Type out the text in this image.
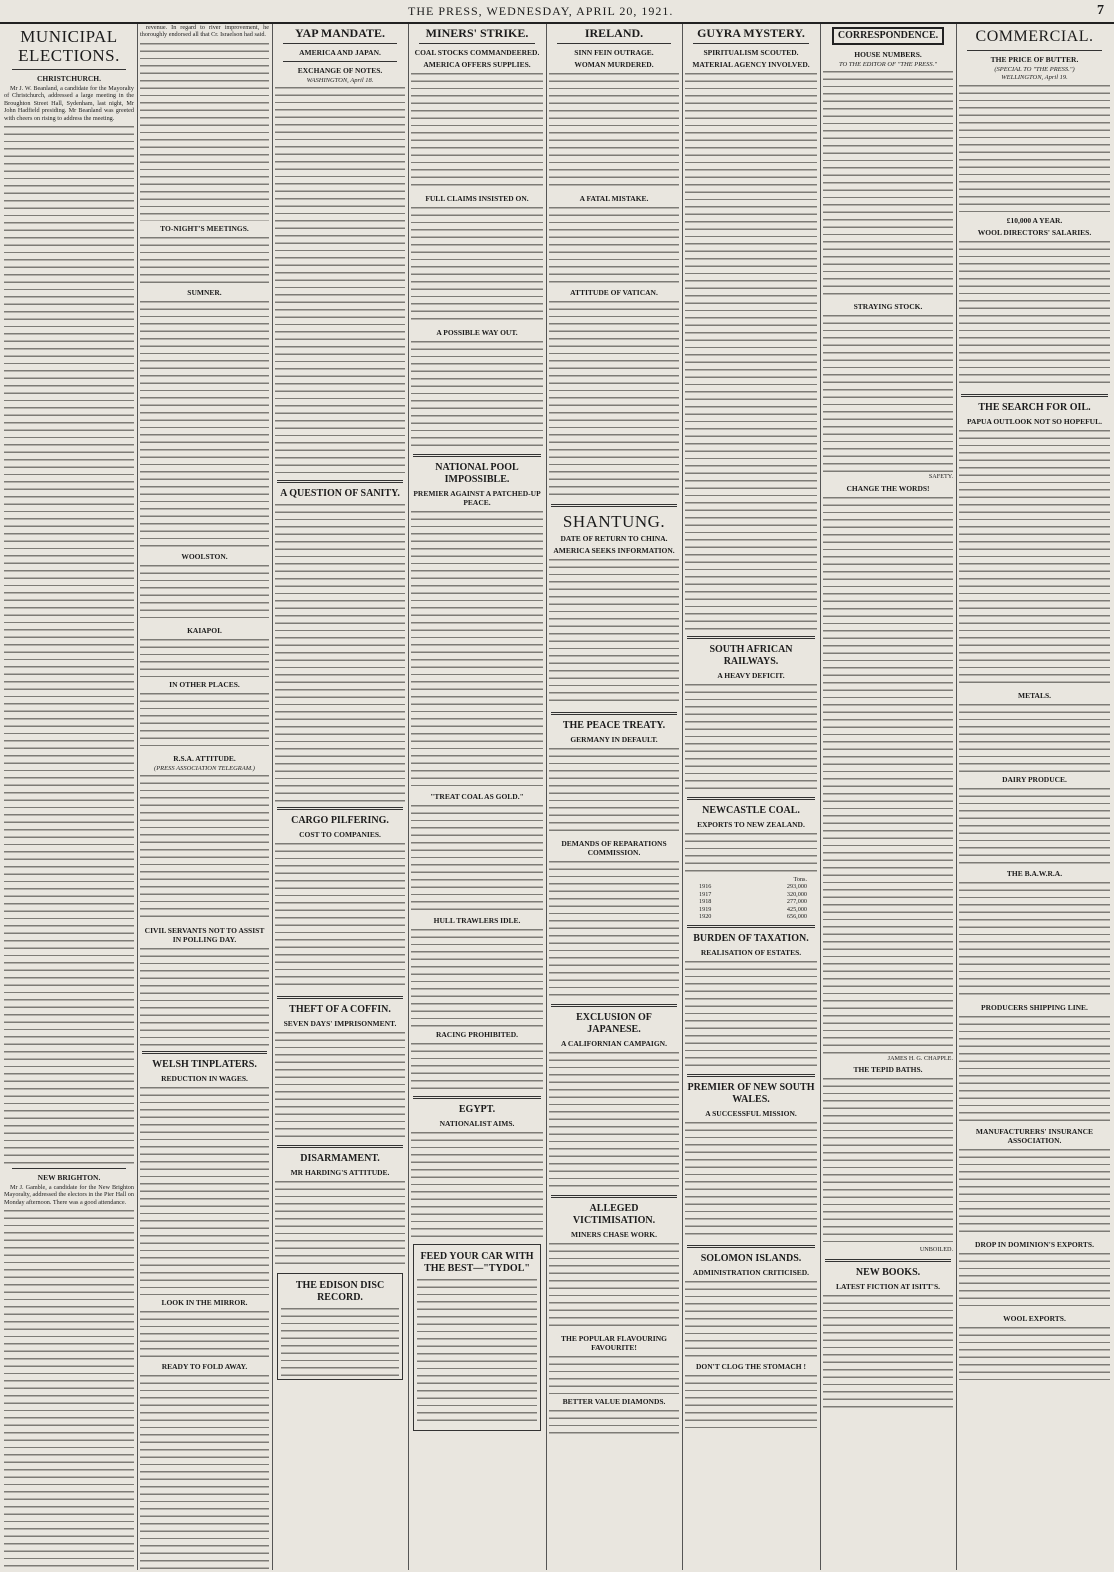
THE PRESS, WEDNESDAY, APRIL 20, 1921.	7
MUNICIPAL ELECTIONS.
CHRISTCHURCH.

Mr J. W. Beanland, a candidate for the Mayoralty of Christchurch, addressed a large meeting in the Broughton Street Hall, Sydenham, last night, Mr John Hadfield presiding. Mr Beanland was greeted with cheers on rising to address the meeting.

NEW BRIGHTON.

Mr J. Gamble, a candidate for the New Brighton Mayoralty, addressed the electors in the Pier Hall on Monday afternoon. There was a good attendance.

revenue. In regard to river improvement, he thoroughly endorsed all that Cr. Israelson had said.

TO-NIGHT'S MEETINGS.
SUMNER.
WOOLSTON.
KAIAPOI.
IN OTHER PLACES.
R.S.A. ATTITUDE.
(PRESS ASSOCIATION TELEGRAM.)
CIVIL SERVANTS NOT TO ASSIST IN POLLING DAY.
WELSH TINPLATERS.
REDUCTION IN WAGES.
LOOK IN THE MIRROR.
READY TO FOLD AWAY.
YAP MANDATE.
AMERICA AND JAPAN.
EXCHANGE OF NOTES.
WASHINGTON, April 18.
A QUESTION OF SANITY.
CARGO PILFERING.
COST TO COMPANIES.
THEFT OF A COFFIN.
SEVEN DAYS' IMPRISONMENT.
DISARMAMENT.
MR HARDING'S ATTITUDE.
THE EDISON DISC RECORD.
MINERS' STRIKE.
COAL STOCKS COMMANDEERED.
AMERICA OFFERS SUPPLIES.
FULL CLAIMS INSISTED ON.
A POSSIBLE WAY OUT.
NATIONAL POOL IMPOSSIBLE.
PREMIER AGAINST A PATCHED-UP PEACE.
"TREAT COAL AS GOLD."
HULL TRAWLERS IDLE.
RACING PROHIBITED.
EGYPT.
NATIONALIST AIMS.
FEED YOUR CAR WITH THE BEST—"TYDOL"
IRELAND.
SINN FEIN OUTRAGE.
WOMAN MURDERED.
A FATAL MISTAKE.
ATTITUDE OF VATICAN.
SHANTUNG.
DATE OF RETURN TO CHINA.
AMERICA SEEKS INFORMATION.
THE PEACE TREATY.
GERMANY IN DEFAULT.
DEMANDS OF REPARATIONS COMMISSION.
EXCLUSION OF JAPANESE.
A CALIFORNIAN CAMPAIGN.
ALLEGED VICTIMISATION.
MINERS CHASE WORK.
THE POPULAR FLAVOURING FAVOURITE!
BETTER VALUE DIAMONDS.
GUYRA MYSTERY.
SPIRITUALISM SCOUTED.
MATERIAL AGENCY INVOLVED.
SOUTH AFRICAN RAILWAYS.
A HEAVY DEFICIT.
NEWCASTLE COAL.
EXPORTS TO NEW ZEALAND.
Tons.
1916	293,000
1917	320,000
1918	277,000
1919	425,000
1920	656,000
BURDEN OF TAXATION.
REALISATION OF ESTATES.
PREMIER OF NEW SOUTH WALES.
A SUCCESSFUL MISSION.
SOLOMON ISLANDS.
ADMINISTRATION CRITICISED.
DON'T CLOG THE STOMACH !
CORRESPONDENCE.
HOUSE NUMBERS.
TO THE EDITOR OF "THE PRESS."
STRAYING STOCK.
SAFETY.
CHANGE THE WORDS!
JAMES H. G. CHAPPLE.
THE TEPID BATHS.
UNBOILED.
NEW BOOKS.
LATEST FICTION AT ISITT'S.
COMMERCIAL.
THE PRICE OF BUTTER.
(SPECIAL TO "THE PRESS.")
WELLINGTON, April 19.
£10,000 A YEAR.
WOOL DIRECTORS' SALARIES.
THE SEARCH FOR OIL.
PAPUA OUTLOOK NOT SO HOPEFUL.
METALS.
DAIRY PRODUCE.
THE B.A.W.R.A.
PRODUCERS SHIPPING LINE.
MANUFACTURERS' INSURANCE ASSOCIATION.
DROP IN DOMINION'S EXPORTS.
WOOL EXPORTS.
